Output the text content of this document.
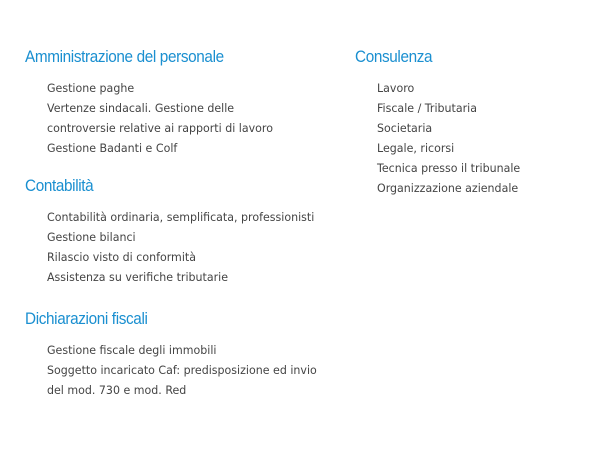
Amministrazione del personale
Gestione paghe
Vertenze sindacali. Gestione delle controversie relative ai rapporti di lavoro
Gestione Badanti e Colf
Contabilità
Contabilità ordinaria, semplificata, professionisti
Gestione bilanci
Rilascio visto di conformità
Assistenza su verifiche tributarie
Dichiarazioni fiscali
Gestione fiscale degli immobili
Soggetto incaricato Caf: predisposizione ed invio del mod. 730 e mod. Red
Consulenza
Lavoro
Fiscale / Tributaria
Societaria
Legale, ricorsi
Tecnica presso il tribunale
Organizzazione aziendale
